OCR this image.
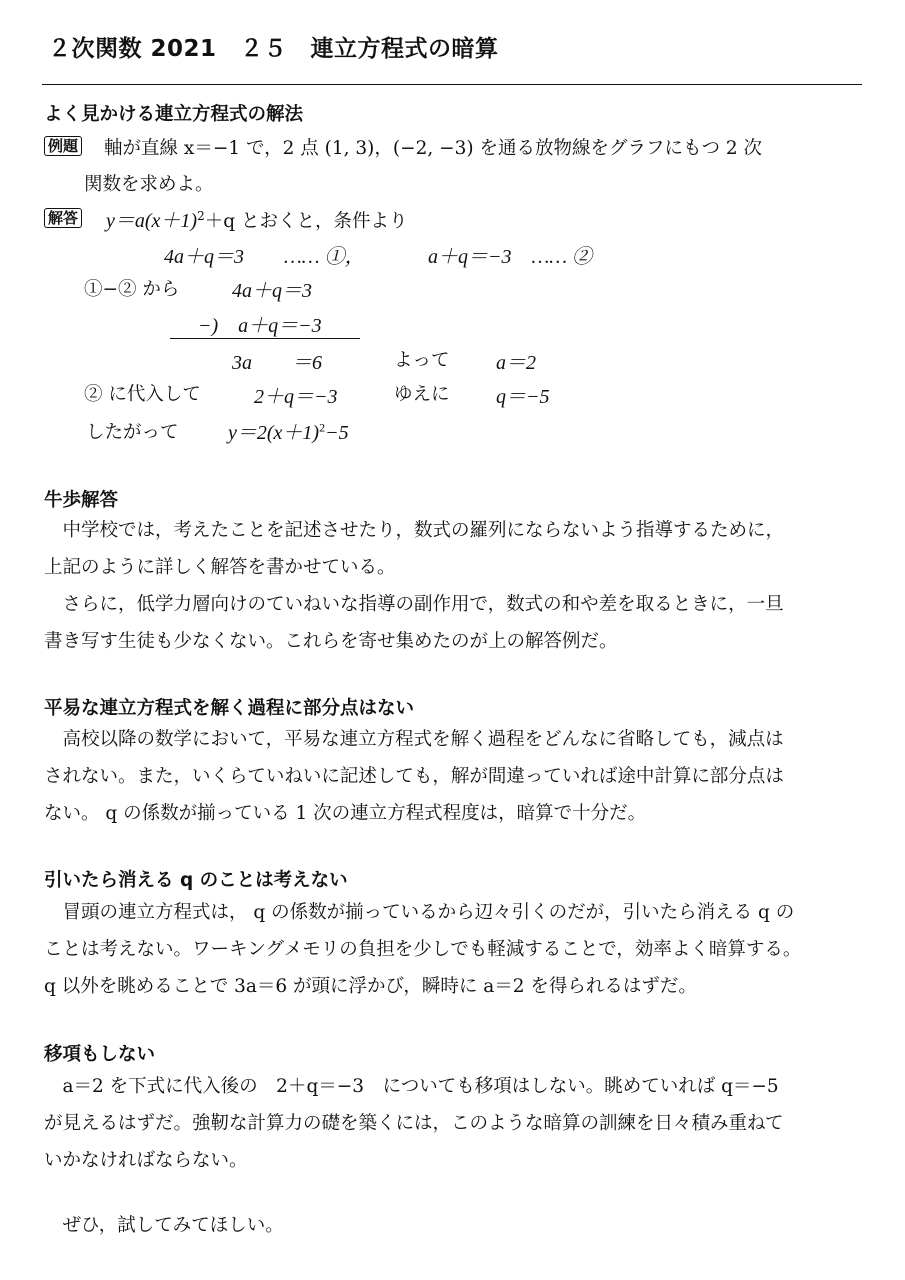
２次関数 2021　２５　連立方程式の暗算
よく見かける連立方程式の解法
例題 軸が直線 x＝−1 で，2 点 (1, 3)，(−2, −3) を通る放物線をグラフにもつ 2 次
関数を求めよ。
解答 $y=a(x+1)^2+q$ とおくと，条件より
4a＋q＝3　　…… ①，	a＋q＝−3　…… ②
①−② から	4a＋q＝3
−)　a＋q＝−3
3a　　＝6	よって a＝2
② に代入して	2＋q＝−3	ゆえに q＝−5
したがって $y=2(x+1)^2-5$
牛歩解答
　中学校では，考えたことを記述させたり，数式の羅列にならないよう指導するために，
上記のように詳しく解答を書かせている。
　さらに，低学力層向けのていねいな指導の副作用で，数式の和や差を取るときに，一旦
書き写す生徒も少なくない。これらを寄せ集めたのが上の解答例だ。
平易な連立方程式を解く過程に部分点はない
　高校以降の数学において，平易な連立方程式を解く過程をどんなに省略しても，減点は
されない。また，いくらていねいに記述しても，解が間違っていれば途中計算に部分点は
ない。 q の係数が揃っている 1 次の連立方程式程度は，暗算で十分だ。
引いたら消える q のことは考えない
　冒頭の連立方程式は， q の係数が揃っているから辺々引くのだが，引いたら消える q の
ことは考えない。ワーキングメモリの負担を少しでも軽減することで，効率よく暗算する。
q 以外を眺めることで 3a＝6 が頭に浮かび，瞬時に a＝2 を得られるはずだ。
移項もしない
　a＝2 を下式に代入後の　2＋q＝−3　についても移項はしない。眺めていれば q＝−5
が見えるはずだ。強靭な計算力の礎を築くには，このような暗算の訓練を日々積み重ねて
いかなければならない。
　ぜひ，試してみてほしい。
